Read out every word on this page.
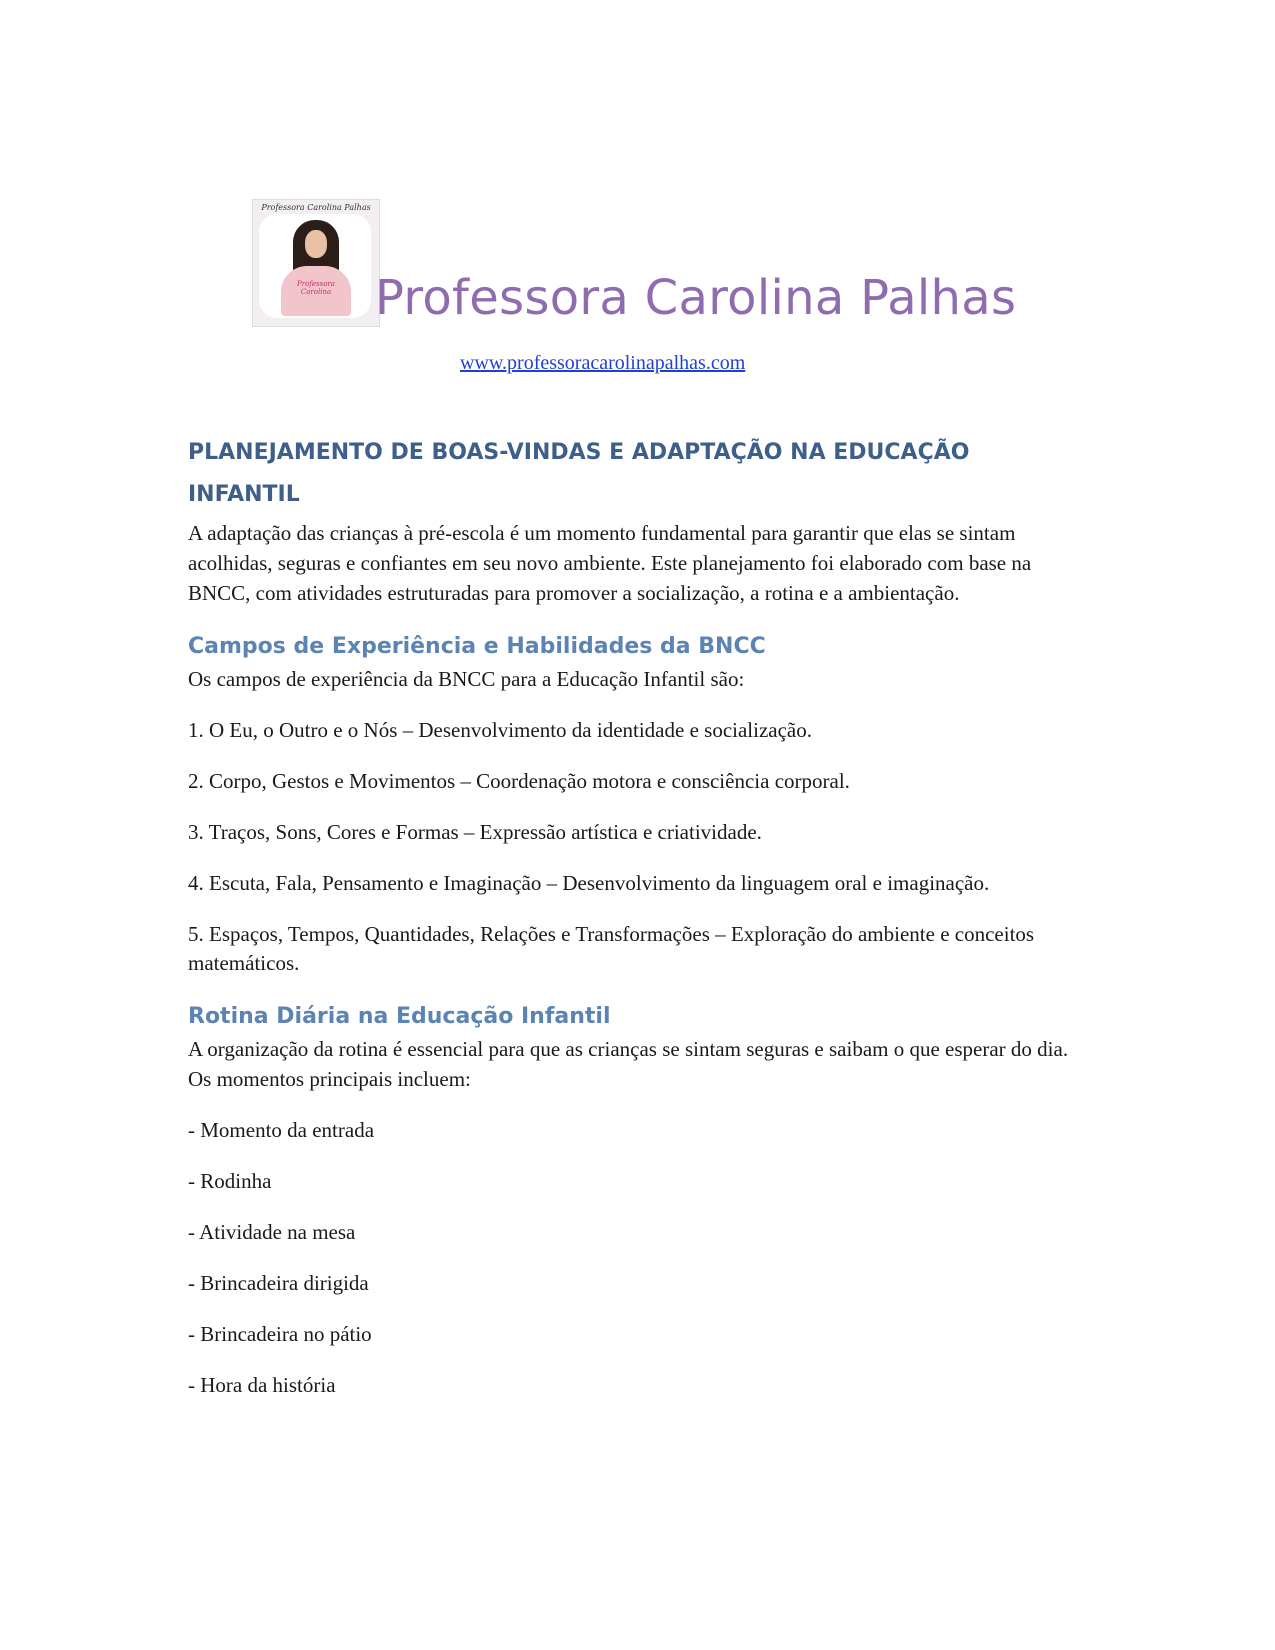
Professora Carolina Palhas
Professora Carolina Professora Carolina Palhas
www.professoracarolinapalhas.com
PLANEJAMENTO DE BOAS-VINDAS E ADAPTAÇÃO NA EDUCAÇÃO INFANTIL

A adaptação das crianças à pré-escola é um momento fundamental para garantir que elas se sintam acolhidas, seguras e confiantes em seu novo ambiente. Este planejamento foi elaborado com base na BNCC, com atividades estruturadas para promover a socialização, a rotina e a ambientação.

Campos de Experiência e Habilidades da BNCC

Os campos de experiência da BNCC para a Educação Infantil são:

1. O Eu, o Outro e o Nós – Desenvolvimento da identidade e socialização.

2. Corpo, Gestos e Movimentos – Coordenação motora e consciência corporal.

3. Traços, Sons, Cores e Formas – Expressão artística e criatividade.

4. Escuta, Fala, Pensamento e Imaginação – Desenvolvimento da linguagem oral e imaginação.

5. Espaços, Tempos, Quantidades, Relações e Transformações – Exploração do ambiente e conceitos matemáticos.

Rotina Diária na Educação Infantil

A organização da rotina é essencial para que as crianças se sintam seguras e saibam o que esperar do dia. Os momentos principais incluem:

- Momento da entrada

- Rodinha

- Atividade na mesa

- Brincadeira dirigida

- Brincadeira no pátio

- Hora da história
